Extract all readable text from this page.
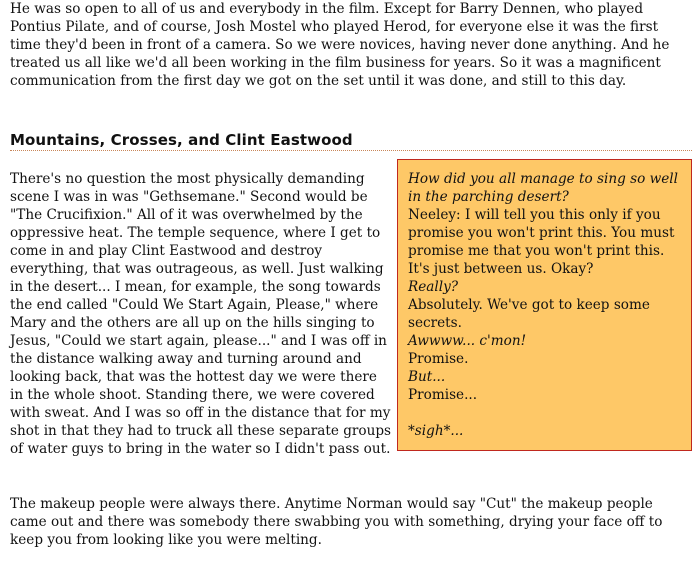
He was so open to all of us and everybody in the film. Except for Barry Dennen, who played Pontius Pilate, and of course, Josh Mostel who played Herod, for everyone else it was the first time they'd been in front of a camera. So we were novices, having never done anything. And he treated us all like we'd all been working in the film business for years. So it was a magnificent communication from the first day we got on the set until it was done, and still to this day.

Mountains, Crosses, and Clint Eastwood

There's no question the most physically demanding scene I was in was "Gethsemane." Second would be "The Crucifixion." All of it was overwhelmed by the oppressive heat. The temple sequence, where I get to come in and play Clint Eastwood and destroy everything, that was outrageous, as well. Just walking in the desert... I mean, for example, the song towards the end called "Could We Start Again, Please," where Mary and the others are all up on the hills singing to Jesus, "Could we start again, please..." and I was off in the distance walking away and turning around and looking back, that was the hottest day we were there in the whole shoot. Standing there, we were covered with sweat. And I was so off in the distance that for my shot in that they had to truck all these separate groups of water guys to bring in the water so I didn't pass out.

How did you all manage to sing so well in the parching desert?
Neeley: I will tell you this only if you promise you won't print this. You must promise me that you won't print this. It's just between us. Okay?
Really?
Absolutely. We've got to keep some secrets.
Awwww... c'mon!
Promise.
But...
Promise...
*sigh*...

The makeup people were always there. Anytime Norman would say "Cut" the makeup people came out and there was somebody there swabbing you with something, drying your face off to keep you from looking like you were melting.
